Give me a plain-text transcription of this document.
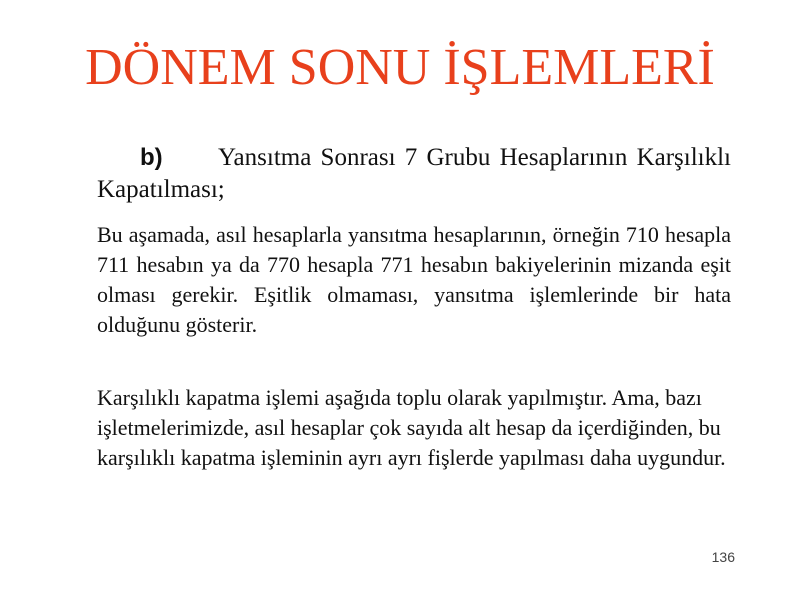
DÖNEM SONU İŞLEMLERİ

b) Yansıtma Sonrası 7 Grubu Hesaplarının Karşılıklı Kapatılması;

Bu aşamada, asıl hesaplarla yansıtma hesaplarının, örneğin 710 hesapla 711 hesabın ya da 770 hesapla 771 hesabın bakiyelerinin mizanda eşit olması gerekir. Eşitlik olmaması, yansıtma işlemlerinde bir hata olduğunu gösterir.

Karşılıklı kapatma işlemi aşağıda toplu olarak yapılmıştır. Ama, bazı işletmelerimizde, asıl hesaplar çok sayıda alt hesap da içerdiğinden, bu karşılıklı kapatma işleminin ayrı ayrı fişlerde yapılması daha uygundur.

136
